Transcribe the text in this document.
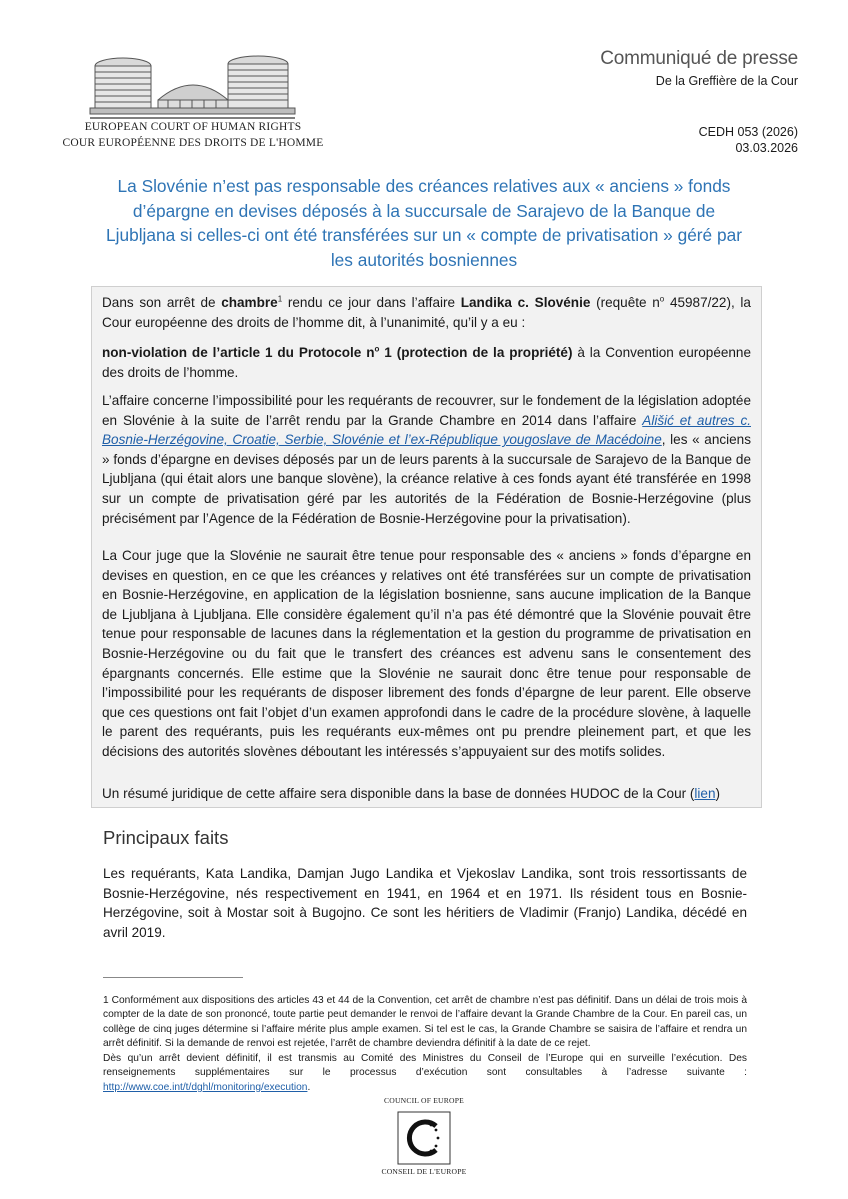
EUROPEAN COURT OF HUMAN RIGHTS
COUR EUROPÉENNE DES DROITS DE L'HOMME
Communiqué de presse
De la Greffière de la Cour
CEDH 053 (2026)
03.03.2026
La Slovénie n’est pas responsable des créances relatives aux « anciens » fonds d’épargne en devises déposés à la succursale de Sarajevo de la Banque de Ljubljana si celles-ci ont été transférées sur un « compte de privatisation » géré par les autorités bosniennes

Dans son arrêt de chambre$^1$ rendu ce jour dans l’affaire Landika c. Slovénie (requête $n^o$ 45987/22), la Cour européenne des droits de l’homme dit, à l’unanimité, qu’il y a eu :

non-violation de l’article 1 du Protocole $n^o$ 1 (protection de la propriété) à la Convention européenne des droits de l’homme.

L’affaire concerne l’impossibilité pour les requérants de recouvrer, sur le fondement de la législation adoptée en Slovénie à la suite de l’arrêt rendu par la Grande Chambre en 2014 dans l’affaire Ališić et autres c. Bosnie-Herzégovine, Croatie, Serbie, Slovénie et l’ex-République yougoslave de Macédoine, les « anciens » fonds d’épargne en devises déposés par un de leurs parents à la succursale de Sarajevo de la Banque de Ljubljana (qui était alors une banque slovène), la créance relative à ces fonds ayant été transférée en 1998 sur un compte de privatisation géré par les autorités de la Fédération de Bosnie-Herzégovine (plus précisément par l’Agence de la Fédération de Bosnie-Herzégovine pour la privatisation).

La Cour juge que la Slovénie ne saurait être tenue pour responsable des « anciens » fonds d’épargne en devises en question, en ce que les créances y relatives ont été transférées sur un compte de privatisation en Bosnie-Herzégovine, en application de la législation bosnienne, sans aucune implication de la Banque de Ljubljana à Ljubljana. Elle considère également qu’il n’a pas été démontré que la Slovénie pouvait être tenue pour responsable de lacunes dans la réglementation et la gestion du programme de privatisation en Bosnie-Herzégovine ou du fait que le transfert des créances est advenu sans le consentement des épargnants concernés. Elle estime que la Slovénie ne saurait donc être tenue pour responsable de l’impossibilité pour les requérants de disposer librement des fonds d’épargne de leur parent. Elle observe que ces questions ont fait l’objet d’un examen approfondi dans le cadre de la procédure slovène, à laquelle le parent des requérants, puis les requérants eux-mêmes ont pu prendre pleinement part, et que les décisions des autorités slovènes déboutant les intéressés s’appuyaient sur des motifs solides.

Un résumé juridique de cette affaire sera disponible dans la base de données HUDOC de la Cour (lien)

Principaux faits

Les requérants, Kata Landika, Damjan Jugo Landika et Vjekoslav Landika, sont trois ressortissants de Bosnie-Herzégovine, nés respectivement en 1941, en 1964 et en 1971. Ils résident tous en Bosnie-Herzégovine, soit à Mostar soit à Bugojno. Ce sont les héritiers de Vladimir (Franjo) Landika, décédé en avril 2019.

1 Conformément aux dispositions des articles 43 et 44 de la Convention, cet arrêt de chambre n’est pas définitif. Dans un délai de trois mois à compter de la date de son prononcé, toute partie peut demander le renvoi de l’affaire devant la Grande Chambre de la Cour. En pareil cas, un collège de cinq juges détermine si l’affaire mérite plus ample examen. Si tel est le cas, la Grande Chambre se saisira de l’affaire et rendra un arrêt définitif. Si la demande de renvoi est rejetée, l’arrêt de chambre deviendra définitif à la date de ce rejet.

Dès qu’un arrêt devient définitif, il est transmis au Comité des Ministres du Conseil de l’Europe qui en surveille l’exécution. Des renseignements supplémentaires sur le processus d’exécution sont consultables à l’adresse suivante : http://www.coe.int/t/dghl/monitoring/execution.

COUNCIL OF EUROPE
CONSEIL DE L'EUROPE
